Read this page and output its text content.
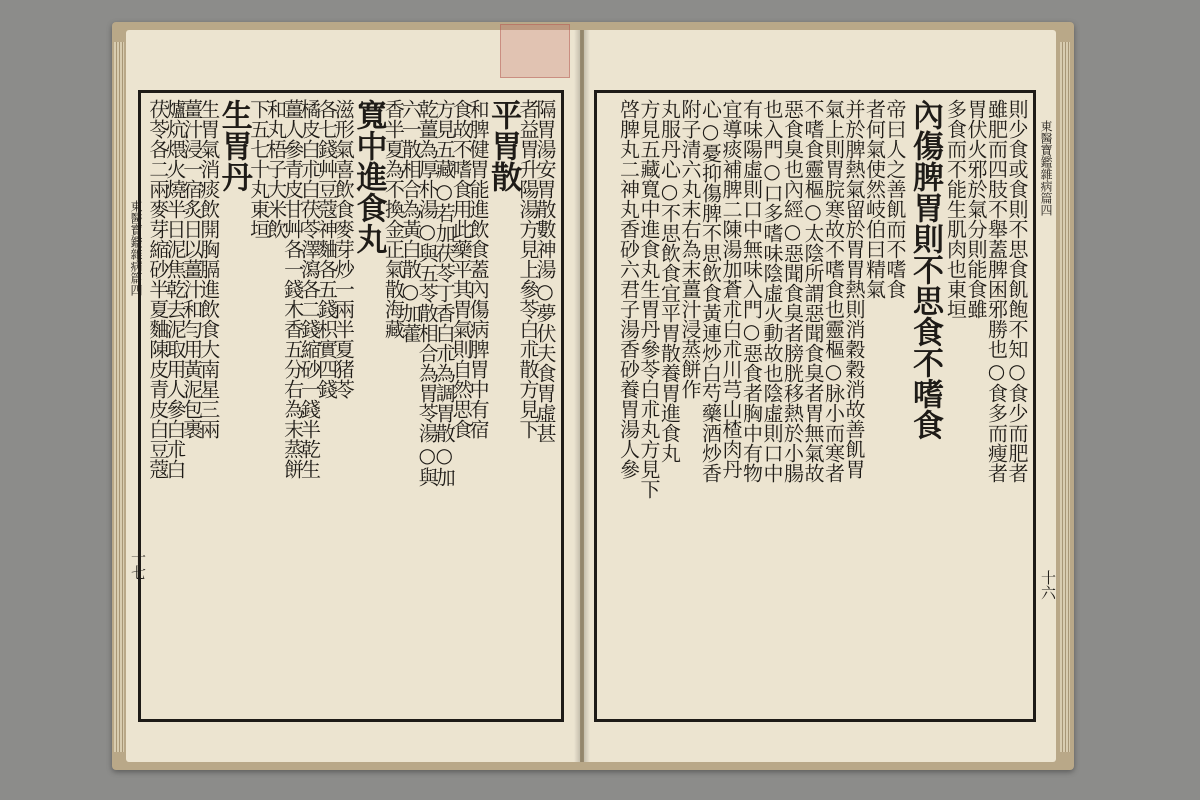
隔胃湯安胃散數神湯○夢伏夫食胃虛甚
者益胃升陽湯方見上參苓白朮散方見下
平胃散
和脾健胃能進飲食蓋內傷病脾胃中有宿
食故不嗜食用此藥平其胃氣則自然思食
方見五藏○若加茯苓丁香白朮為調胃散○加
乾薑為厚朴湯○與五苓散相合為胃苓湯○與
六一散相合為黃白散○加藿
香半夏為不換金正氣散海藏
寬中進食丸
滋形氣喜飲食麥芽炒一兩半夏猪苓
各七錢艸豆蔻神麯各五錢枳實四錢
橘皮白朮白茯苓澤瀉各二錢縮砂一錢半乾生
薑人參青皮甘艸各一錢木香五分右為末蒸餅
和丸梧子大米飲
下五七十丸東垣
生胃丹
生胃氣消痰飲開胸膈進飲食大南星三兩
薑汁浸一宿炙日以薑汁和勻用黃泥包裹
爐炕煨火燒半日泥焦乾去泥取用人參白朮白
茯苓各二兩麥芽縮砂半夏麯陳皮青皮白豆蔻
東醫寶鑑雜病篇四
十七
則少食或食則不思食飢飽不知○食少而肥者
雖肥而四肢不舉蓋脾困邪勝也○食多而瘦者
胃伏火邪於氣分則能食雖
多食而不能生肌肉也東垣
內傷脾胃則不思食不嗜食
帝曰人之善飢而不嗜食
者何氣使然岐伯曰精氣
并於脾熱氣留於胃胃熱則消穀穀消故善飢胃
氣上則胃脘寒故不嗜食也靈樞○脉小而寒者
不嗜食靈樞○太陰所謂惡聞食臭者胃無氣故
惡食臭也內經○惡聞食臭者膀胱移熱於小腸
也入門○口多嗜味陰虛火動故也陰虛則口中
有味陽虛則口中無味入門○惡食者胸中有物
宜導痰補脾二陳湯加蒼朮白朮川芎山楂肉丹
心○憂抑傷脾不思飲食黃連炒白芍藥酒炒香
附子清六丸末右為末薑汁浸蒸餅作
丸服丹心○不思飲食宜平胃散養胃進食丸
方見五藏寬中進食丸生胃丹參苓白朮丸方見下
啓脾丸二神丸香砂六君子湯香砂養胃湯人參	東醫寶鑑雜病篇四
十六
